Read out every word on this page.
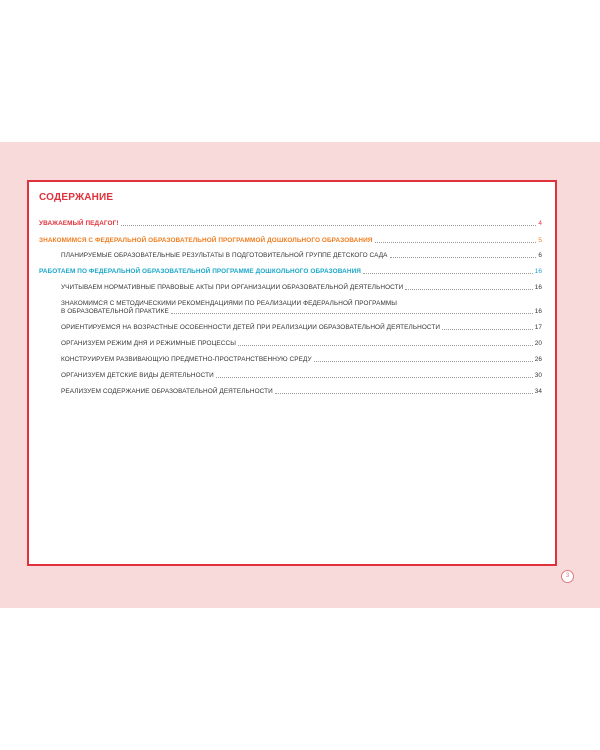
СОДЕРЖАНИЕ
УВАЖАЕМЫЙ ПЕДАГОГ!	4
ЗНАКОМИМСЯ С ФЕДЕРАЛЬНОЙ ОБРАЗОВАТЕЛЬНОЙ ПРОГРАММОЙ ДОШКОЛЬНОГО ОБРАЗОВАНИЯ	5
ПЛАНИРУЕМЫЕ ОБРАЗОВАТЕЛЬНЫЕ РЕЗУЛЬТАТЫ В ПОДГОТОВИТЕЛЬНОЙ ГРУППЕ ДЕТСКОГО САДА	6
РАБОТАЕМ ПО ФЕДЕРАЛЬНОЙ ОБРАЗОВАТЕЛЬНОЙ ПРОГРАММЕ ДОШКОЛЬНОГО ОБРАЗОВАНИЯ	16
УЧИТЫВАЕМ НОРМАТИВНЫЕ ПРАВОВЫЕ АКТЫ ПРИ ОРГАНИЗАЦИИ ОБРАЗОВАТЕЛЬНОЙ ДЕЯТЕЛЬНОСТИ	16
ЗНАКОМИМСЯ С МЕТОДИЧЕСКИМИ РЕКОМЕНДАЦИЯМИ ПО РЕАЛИЗАЦИИ ФЕДЕРАЛЬНОЙ ПРОГРАММЫ
В ОБРАЗОВАТЕЛЬНОЙ ПРАКТИКЕ	16
ОРИЕНТИРУЕМСЯ НА ВОЗРАСТНЫЕ ОСОБЕННОСТИ ДЕТЕЙ ПРИ РЕАЛИЗАЦИИ ОБРАЗОВАТЕЛЬНОЙ ДЕЯТЕЛЬНОСТИ	17
ОРГАНИЗУЕМ РЕЖИМ ДНЯ И РЕЖИМНЫЕ ПРОЦЕССЫ	20
КОНСТРУИРУЕМ РАЗВИВАЮЩУЮ ПРЕДМЕТНО-ПРОСТРАНСТВЕННУЮ СРЕДУ	26
ОРГАНИЗУЕМ ДЕТСКИЕ ВИДЫ ДЕЯТЕЛЬНОСТИ	30
РЕАЛИЗУЕМ СОДЕРЖАНИЕ ОБРАЗОВАТЕЛЬНОЙ ДЕЯТЕЛЬНОСТИ	34
3
